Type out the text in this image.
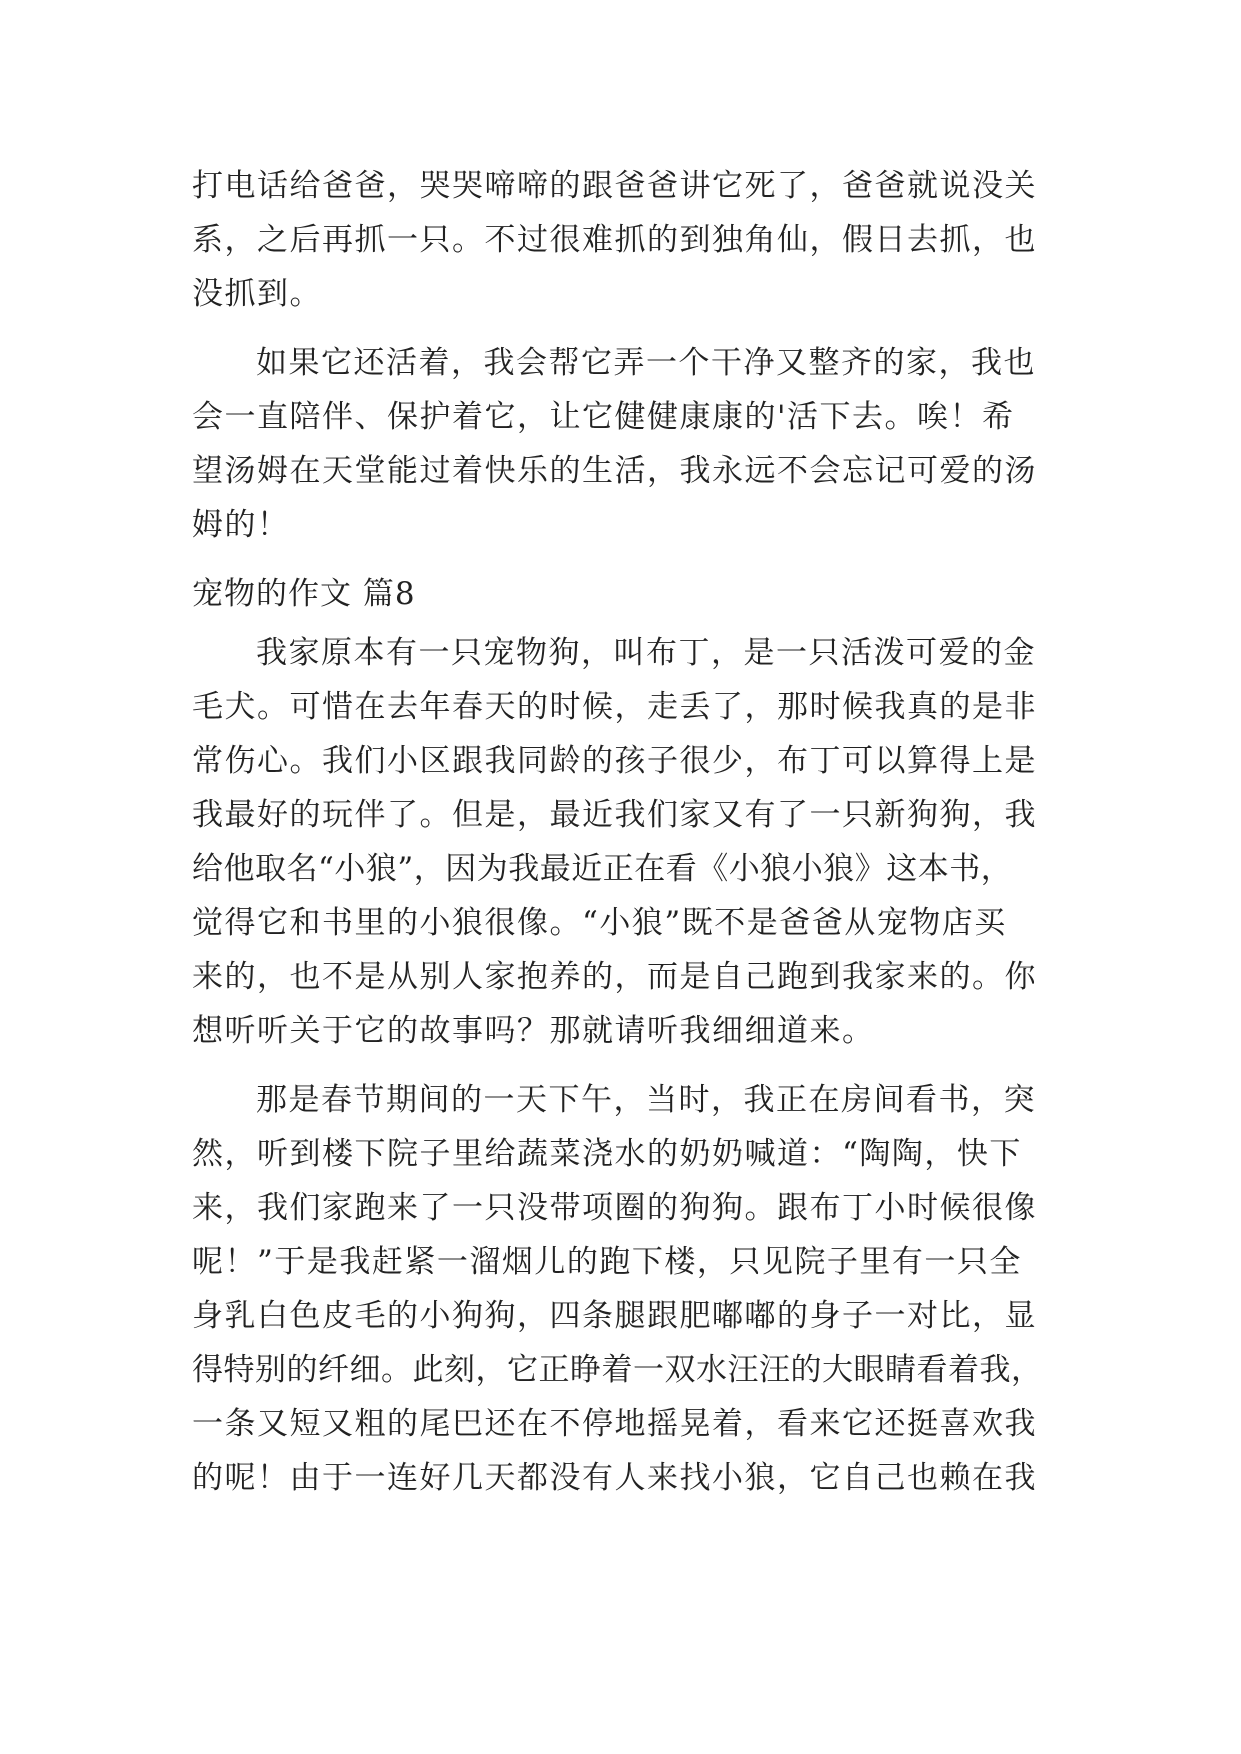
打电话给爸爸，哭哭啼啼的跟爸爸讲它死了，爸爸就说没关
系，之后再抓一只。不过很难抓的到独角仙，假日去抓，也
没抓到。
如果它还活着，我会帮它弄一个干净又整齐的家，我也
会一直陪伴、保护着它，让它健健康康的'活下去。唉！希
望汤姆在天堂能过着快乐的生活，我永远不会忘记可爱的汤
姆的！
宠物的作文 篇8
我家原本有一只宠物狗，叫布丁，是一只活泼可爱的金
毛犬。可惜在去年春天的时候，走丢了，那时候我真的是非
常伤心。我们小区跟我同龄的孩子很少，布丁可以算得上是
我最好的玩伴了。但是，最近我们家又有了一只新狗狗，我
给他取名“小狼”，因为我最近正在看《小狼小狼》这本书，
觉得它和书里的小狼很像。“小狼”既不是爸爸从宠物店买
来的，也不是从别人家抱养的，而是自己跑到我家来的。你
想听听关于它的故事吗？那就请听我细细道来。
那是春节期间的一天下午，当时，我正在房间看书，突
然，听到楼下院子里给蔬菜浇水的奶奶喊道：“陶陶，快下
来，我们家跑来了一只没带项圈的狗狗。跟布丁小时候很像
呢！”于是我赶紧一溜烟儿的跑下楼，只见院子里有一只全
身乳白色皮毛的小狗狗，四条腿跟肥嘟嘟的身子一对比，显
得特别的纤细。此刻，它正睁着一双水汪汪的大眼睛看着我，
一条又短又粗的尾巴还在不停地摇晃着，看来它还挺喜欢我
的呢！由于一连好几天都没有人来找小狼，它自己也赖在我
